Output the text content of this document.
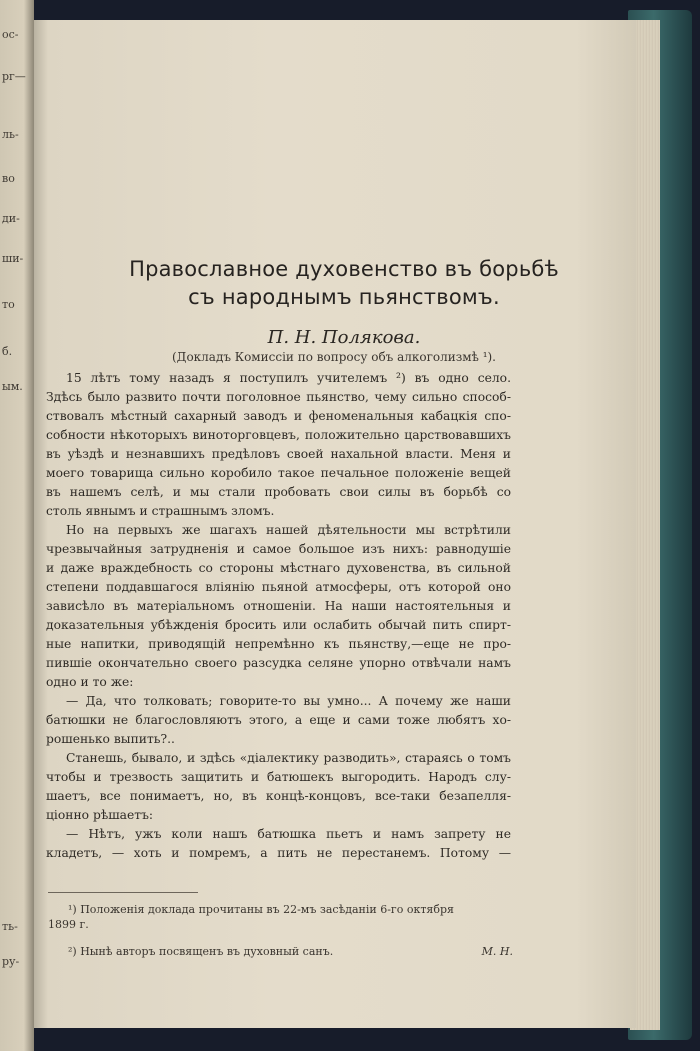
ос-
рг—
ль-
во
ди-
ши-
то
б.
ым.
ть-
ру-
Православное духовенство въ борьбѣ
съ народнымъ пьянствомъ.
П. Н. Полякова.
(Докладъ Комиссіи по вопросу объ алкоголизмѣ ¹).
15 лѣтъ тому назадъ я поступилъ учителемъ ²) въ одно село.
Здѣсь было развито почти поголовное пьянство, чему сильно способ-
ствовалъ мѣстный сахарный заводъ и феноменальныя кабацкія спо-
собности нѣкоторыхъ виноторговцевъ, положительно царствовавшихъ
въ уѣздѣ и незнавшихъ предѣловъ своей нахальной власти. Меня и
моего товарища сильно коробило такое печальное положеніе вещей
въ нашемъ селѣ, и мы стали пробовать свои силы въ борьбѣ со
столь явнымъ и страшнымъ зломъ.
Но на первыхъ же шагахъ нашей дѣятельности мы встрѣтили
чрезвычайныя затрудненія и самое большое изъ нихъ: равнодушіе
и даже враждебность со стороны мѣстнаго духовенства, въ сильной
степени поддавшагося вліянію пьяной атмосферы, отъ которой оно
зависѣло въ матеріальномъ отношеніи. На наши настоятельныя и
доказательныя убѣжденія бросить или ослабить обычай пить спирт-
ные напитки, приводящій непремѣнно къ пьянству,—еще не про-
пившіе окончательно своего разсудка селяне упорно отвѣчали намъ
одно и то же:
— Да, что толковать; говорите-то вы умно... А почему же наши
батюшки не благословляютъ этого, а еще и сами тоже любятъ хо-
рошенько выпить?..
Станешь, бывало, и здѣсь «діалектику разводить», стараясь о томъ
чтобы и трезвость защитить и батюшекъ выгородить. Народъ слу-
шаетъ, все понимаетъ, но, въ концѣ-концовъ, все-таки безапелля-
ціонно рѣшаетъ:
— Нѣтъ, ужъ коли нашъ батюшка пьетъ и намъ запрету не
кладетъ, — хоть и помремъ, а пить не перестанемъ. Потому —
¹) Положенія доклада прочитаны въ 22-мъ засѣданіи 6-го октября
1899 г.
²) Нынѣ авторъ посвященъ въ духовный санъ.	М. Н.
